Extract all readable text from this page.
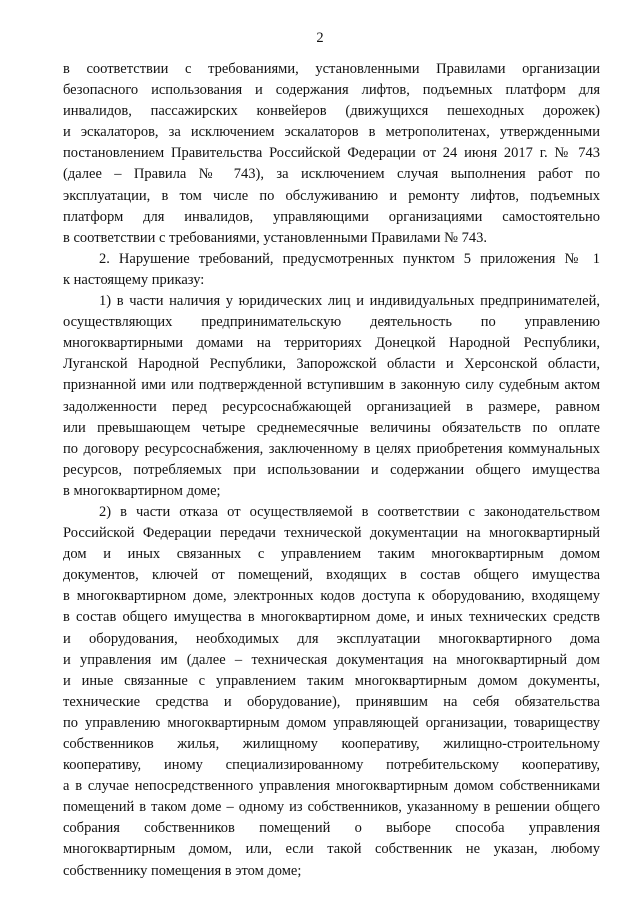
2
в соответствии с требованиями, установленными Правилами организации
безопасного использования и содержания лифтов, подъемных платформ для
инвалидов, пассажирских конвейеров (движущихся пешеходных дорожек)
и эскалаторов, за исключением эскалаторов в метрополитенах, утвержденными
постановлением Правительства Российской Федерации от 24 июня 2017 г. № 743
(далее – Правила № 743), за исключением случая выполнения работ по
эксплуатации, в том числе по обслуживанию и ремонту лифтов, подъемных
платформ для инвалидов, управляющими организациями самостоятельно
в соответствии с требованиями, установленными Правилами № 743.
2. Нарушение требований, предусмотренных пунктом 5 приложения № 1
к настоящему приказу:
1) в части наличия у юридических лиц и индивидуальных предпринимателей,
осуществляющих предпринимательскую деятельность по управлению
многоквартирными домами на территориях Донецкой Народной Республики,
Луганской Народной Республики, Запорожской области и Херсонской области,
признанной ими или подтвержденной вступившим в законную силу судебным актом
задолженности перед ресурсоснабжающей организацией в размере, равном
или превышающем четыре среднемесячные величины обязательств по оплате
по договору ресурсоснабжения, заключенному в целях приобретения коммунальных
ресурсов, потребляемых при использовании и содержании общего имущества
в многоквартирном доме;
2) в части отказа от осуществляемой в соответствии с законодательством
Российской Федерации передачи технической документации на многоквартирный
дом и иных связанных с управлением таким многоквартирным домом
документов, ключей от помещений, входящих в состав общего имущества
в многоквартирном доме, электронных кодов доступа к оборудованию, входящему
в состав общего имущества в многоквартирном доме, и иных технических средств
и оборудования, необходимых для эксплуатации многоквартирного дома
и управления им (далее – техническая документация на многоквартирный дом
и иные связанные с управлением таким многоквартирным домом документы,
технические средства и оборудование), принявшим на себя обязательства
по управлению многоквартирным домом управляющей организации, товариществу
собственников жилья, жилищному кооперативу, жилищно-строительному
кооперативу, иному специализированному потребительскому кооперативу,
а в случае непосредственного управления многоквартирным домом собственниками
помещений в таком доме – одному из собственников, указанному в решении общего
собрания собственников помещений о выборе способа управления
многоквартирным домом, или, если такой собственник не указан, любому
собственнику помещения в этом доме;
